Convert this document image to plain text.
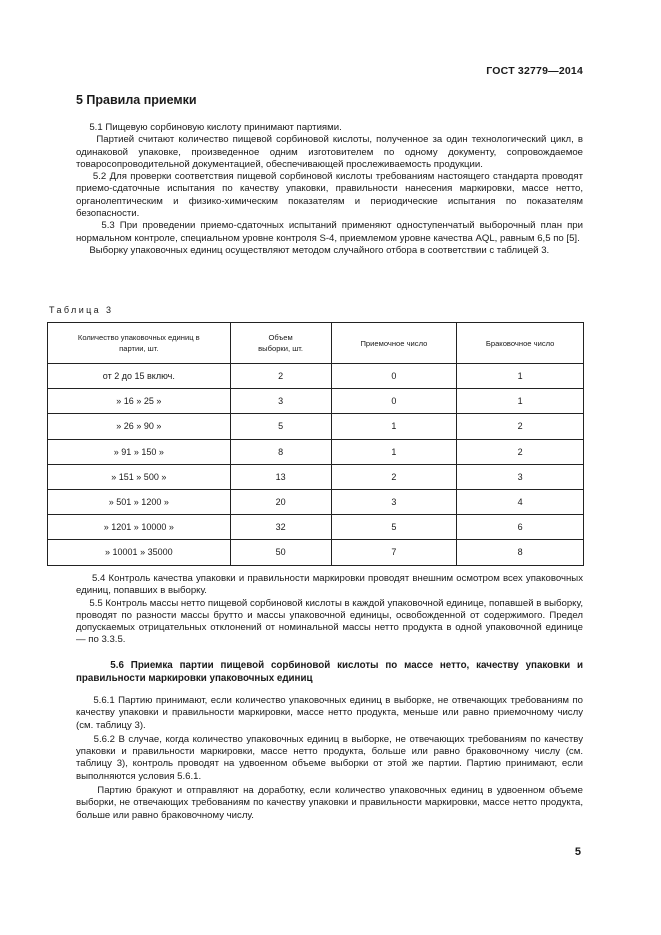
ГОСТ 32779—2014
5 Правила приемки

5.1 Пищевую сорбиновую кислоту принимают партиями.

Партией считают количество пищевой сорбиновой кислоты, полученное за один технологический цикл, в одинаковой упаковке, произведенное одним изготовителем по одному документу, сопровождаемое товаросопроводительной документацией, обеспечивающей прослеживаемость продукции.

5.2 Для проверки соответствия пищевой сорбиновой кислоты требованиям настоящего стандарта проводят приемо-сдаточные испытания по качеству упаковки, правильности нанесения маркировки, массе нетто, органолептическим и физико-химическим показателям и периодические испытания по показателям безопасности.

5.3 При проведении приемо-сдаточных испытаний применяют одноступенчатый выборочный план при нормальном контроле, специальном уровне контроля S-4, приемлемом уровне качества AQL, равным 6,5 по [5].

Выборку упаковочных единиц осуществляют методом случайного отбора в соответствии с таблицей 3.

Таблица 3
Количество упаковочных единиц в партии, шт.	Объем выборки, шт.	Приемочное число	Браковочное число
от 2 до 15 включ.	2	0	1
» 16 » 25 »	3	0	1
» 26 » 90 »	5	1	2
» 91 » 150 »	8	1	2
» 151 » 500 »	13	2	3
» 501 » 1200 »	20	3	4
» 1201 » 10000 »	32	5	6
» 10001 » 35000	50	7	8

5.4 Контроль качества упаковки и правильности маркировки проводят внешним осмотром всех упаковочных единиц, попавших в выборку.

5.5 Контроль массы нетто пищевой сорбиновой кислоты в каждой упаковочной единице, попавшей в выборку, проводят по разности массы брутто и массы упаковочной единицы, освобожденной от содержимого. Предел допускаемых отрицательных отклонений от номинальной массы нетто продукта в одной упаковочной единице — по 3.3.5.

5.6 Приемка партии пищевой сорбиновой кислоты по массе нетто, качеству упаковки и правильности маркировки упаковочных единиц

5.6.1 Партию принимают, если количество упаковочных единиц в выборке, не отвечающих требованиям по качеству упаковки и правильности маркировки, массе нетто продукта, меньше или равно приемочному числу (см. таблицу 3).

5.6.2 В случае, когда количество упаковочных единиц в выборке, не отвечающих требованиям по качеству упаковки и правильности маркировки, массе нетто продукта, больше или равно браковочному числу (см. таблицу 3), контроль проводят на удвоенном объеме выборки от этой же партии. Партию принимают, если выполняются условия 5.6.1.

Партию бракуют и отправляют на доработку, если количество упаковочных единиц в удвоенном объеме выборки, не отвечающих требованиям по качеству упаковки и правильности маркировки, массе нетто продукта, больше или равно браковочному числу.

5
